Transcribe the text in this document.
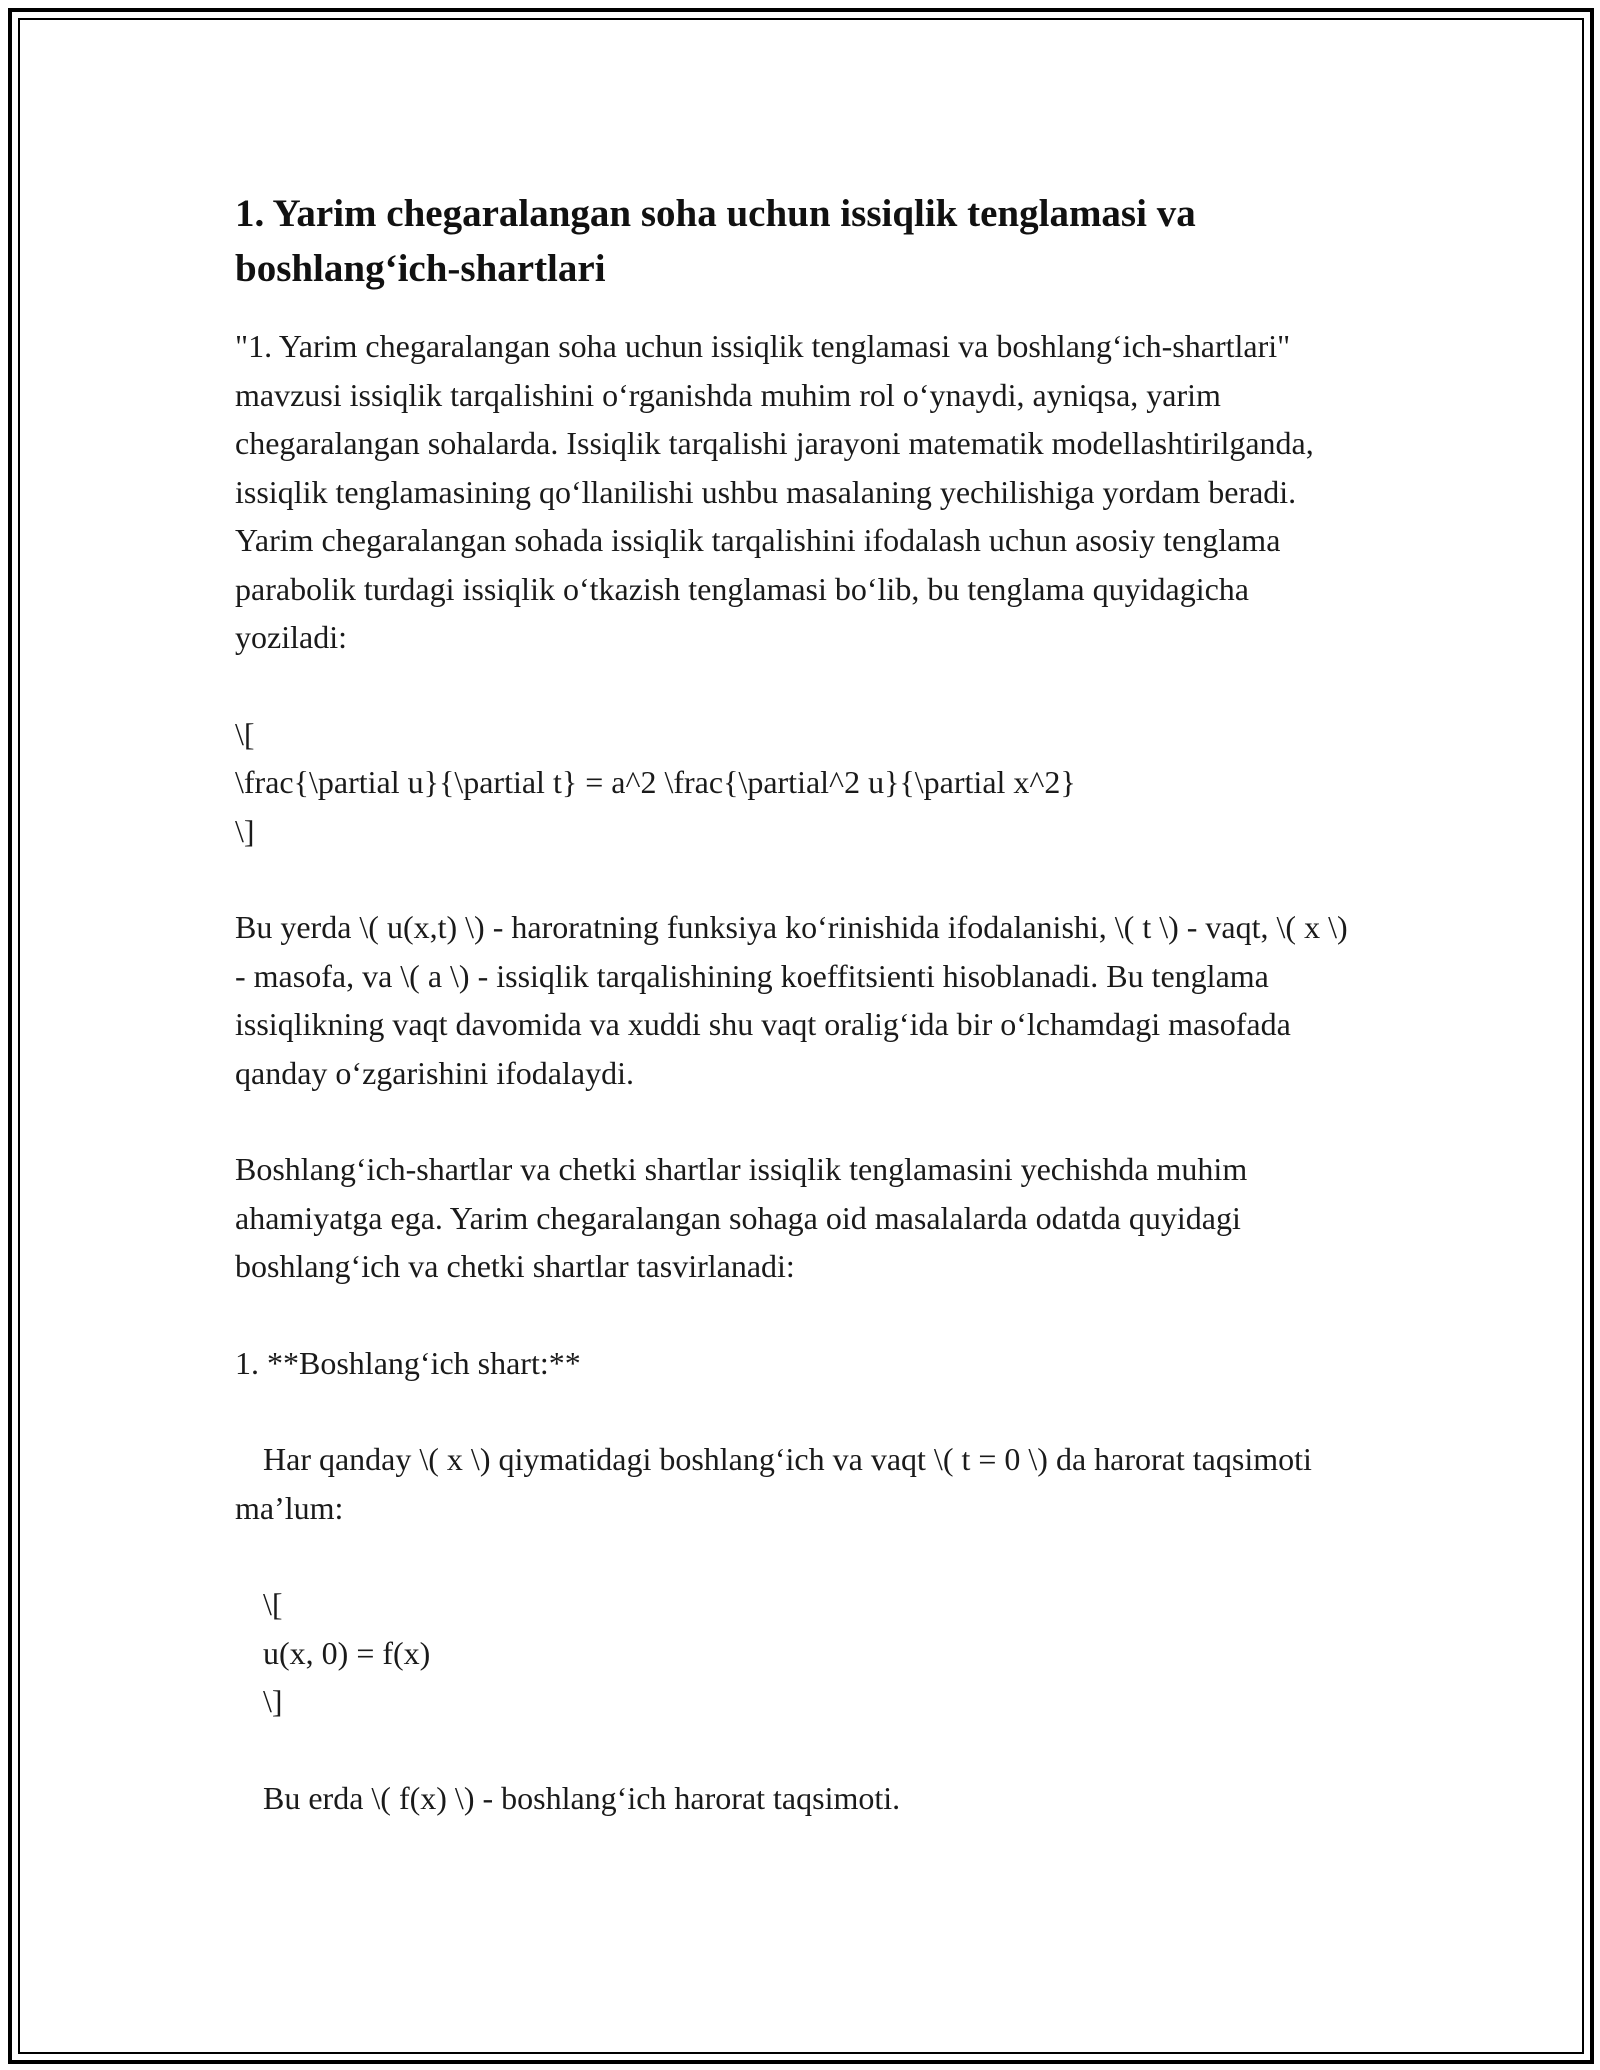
1. Yarim chegaralangan soha uchun issiqlik tenglamasi va boshlang‘ich-shartlari

"1. Yarim chegaralangan soha uchun issiqlik tenglamasi va boshlang‘ich-shartlari" mavzusi issiqlik tarqalishini o‘rganishda muhim rol o‘ynaydi, ayniqsa, yarim chegaralangan sohalarda. Issiqlik tarqalishi jarayoni matematik modellashtirilganda, issiqlik tenglamasining qo‘llanilishi ushbu masalaning yechilishiga yordam beradi. Yarim chegaralangan sohada issiqlik tarqalishini ifodalash uchun asosiy tenglama parabolik turdagi issiqlik o‘tkazish tenglamasi bo‘lib, bu tenglama quyidagicha yoziladi:

\[
\frac{\partial u}{\partial t} = a^2 \frac{\partial^2 u}{\partial x^2}
\]

Bu yerda \( u(x,t) \) - haroratning funksiya ko‘rinishida ifodalanishi, \( t \) - vaqt, \( x \) - masofa, va \( a \) - issiqlik tarqalishining koeffitsienti hisoblanadi. Bu tenglama issiqlikning vaqt davomida va xuddi shu vaqt oralig‘ida bir o‘lchamdagi masofada qanday o‘zgarishini ifodalaydi.

Boshlang‘ich-shartlar va chetki shartlar issiqlik tenglamasini yechishda muhim ahamiyatga ega. Yarim chegaralangan sohaga oid masalalarda odatda quyidagi boshlang‘ich va chetki shartlar tasvirlanadi:

1. **Boshlang‘ich shart:**

Har qanday \( x \) qiymatidagi boshlang‘ich va vaqt \( t = 0 \) da harorat taqsimoti ma’lum:

\[
u(x, 0) = f(x)
\]

Bu erda \( f(x) \) - boshlang‘ich harorat taqsimoti.
